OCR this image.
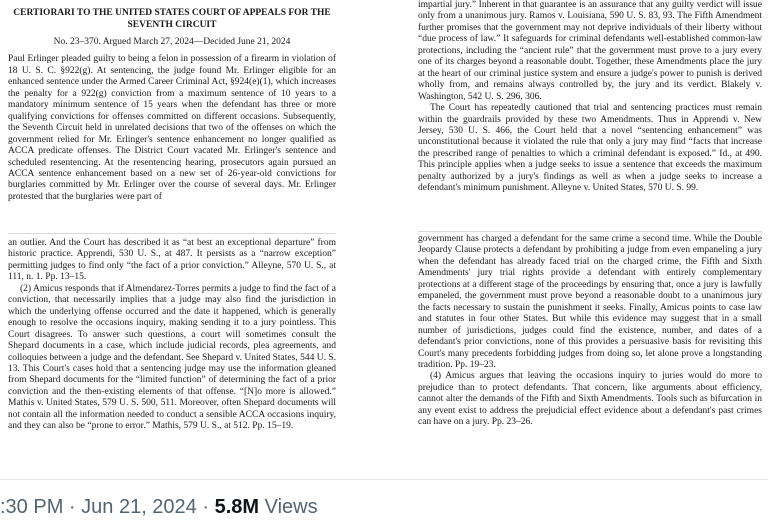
CERTIORARI TO THE UNITED STATES COURT OF APPEALS FOR THE SEVENTH CIRCUIT
No. 23–370. Argued March 27, 2024—Decided June 21, 2024

Paul Erlinger pleaded guilty to being a felon in possession of a firearm in violation of 18 U. S. C. §922(g). At sentencing, the judge found Mr. Erlinger eligible for an enhanced sentence under the Armed Career Criminal Act, §924(e)(1), which increases the penalty for a 922(g) conviction from a maximum sentence of 10 years to a mandatory minimum sentence of 15 years when the defendant has three or more qualifying convictions for offenses committed on different occasions. Subsequently, the Seventh Circuit held in unrelated decisions that two of the offenses on which the government relied for Mr. Erlinger's sentence enhancement no longer qualified as ACCA predicate offenses. The District Court vacated Mr. Erlinger's sentence and scheduled resentencing. At the resentencing hearing, prosecutors again pursued an ACCA sentence enhancement based on a new set of 26-year-old convictions for burglaries committed by Mr. Erlinger over the course of several days. Mr. Erlinger protested that the burglaries were part of

an outlier. And the Court has described it as “at best an exceptional departure” from historic practice. Apprendi, 530 U. S., at 487. It persists as a “narrow exception” permitting judges to find only “the fact of a prior conviction.” Alleyne, 570 U. S., at 111, n. 1. Pp. 13–15.

(2) Amicus responds that if Almendarez-Torres permits a judge to find the fact of a conviction, that necessarily implies that a judge may also find the jurisdiction in which the underlying offense occurred and the date it happened, which is generally enough to resolve the occasions inquiry, making sending it to a jury pointless. This Court disagrees. To answer such questions, a court will sometimes consult the Shepard documents in a case, which include judicial records, plea agreements, and colloquies between a judge and the defendant. See Shepard v. United States, 544 U. S. 13. This Court's cases hold that a sentencing judge may use the information gleaned from Shepard documents for the “limited function” of determining the fact of a prior conviction and the then-existing elements of that offense. “[N]o more is allowed.” Mathis v. United States, 579 U. S. 500, 511. Moreover, often Shepard documents will not contain all the information needed to conduct a sensible ACCA occasions inquiry, and they can also be “prone to error.” Mathis, 579 U. S., at 512. Pp. 15–19.

impartial jury.” Inherent in that guarantee is an assurance that any guilty verdict will issue only from a unanimous jury. Ramos v. Louisiana, 590 U. S. 83, 93. The Fifth Amendment further promises that the government may not deprive individuals of their liberty without “due process of law.” It safeguards for criminal defendants well-established common-law protections, including the “ancient rule” that the government must prove to a jury every one of its charges beyond a reasonable doubt. Together, these Amendments place the jury at the heart of our criminal justice system and ensure a judge's power to punish is derived wholly from, and remains always controlled by, the jury and its verdict. Blakely v. Washington, 542 U. S. 296, 306.

The Court has repeatedly cautioned that trial and sentencing practices must remain within the guardrails provided by these two Amendments. Thus in Apprendi v. New Jersey, 530 U. S. 466, the Court held that a novel “sentencing enhancement” was unconstitutional because it violated the rule that only a jury may find “facts that increase the prescribed range of penalties to which a criminal defendant is exposed.” Id., at 490. This principle applies when a judge seeks to issue a sentence that exceeds the maximum penalty authorized by a jury's findings as well as when a judge seeks to increase a defendant's minimum punishment. Alleyne v. United States, 570 U. S. 99.

government has charged a defendant for the same crime a second time. While the Double Jeopardy Clause protects a defendant by prohibiting a judge from even empaneling a jury when the defendant has already faced trial on the charged crime, the Fifth and Sixth Amendments' jury trial rights provide a defendant with entirely complementary protections at a different stage of the proceedings by ensuring that, once a jury is lawfully empaneled, the government must prove beyond a reasonable doubt to a unanimous jury the facts necessary to sustain the punishment it seeks. Finally, Amicus points to case law and statutes in four other States. But while this evidence may suggest that in a small number of jurisdictions, judges could find the existence, number, and dates of a defendant's prior convictions, none of this provides a persuasive basis for revisiting this Court's many precedents forbidding judges from doing so, let alone prove a longstanding tradition. Pp. 19–23.

(4) Amicus argues that leaving the occasions inquiry to juries would do more to prejudice than to protect defendants. That concern, like arguments about efficiency, cannot alter the demands of the Fifth and Sixth Amendments. Tools such as bifurcation in any event exist to address the prejudicial effect evidence about a defendant's past crimes can have on a jury. Pp. 23–26.

:30 PM · Jun 21, 2024 · 5.8M Views
